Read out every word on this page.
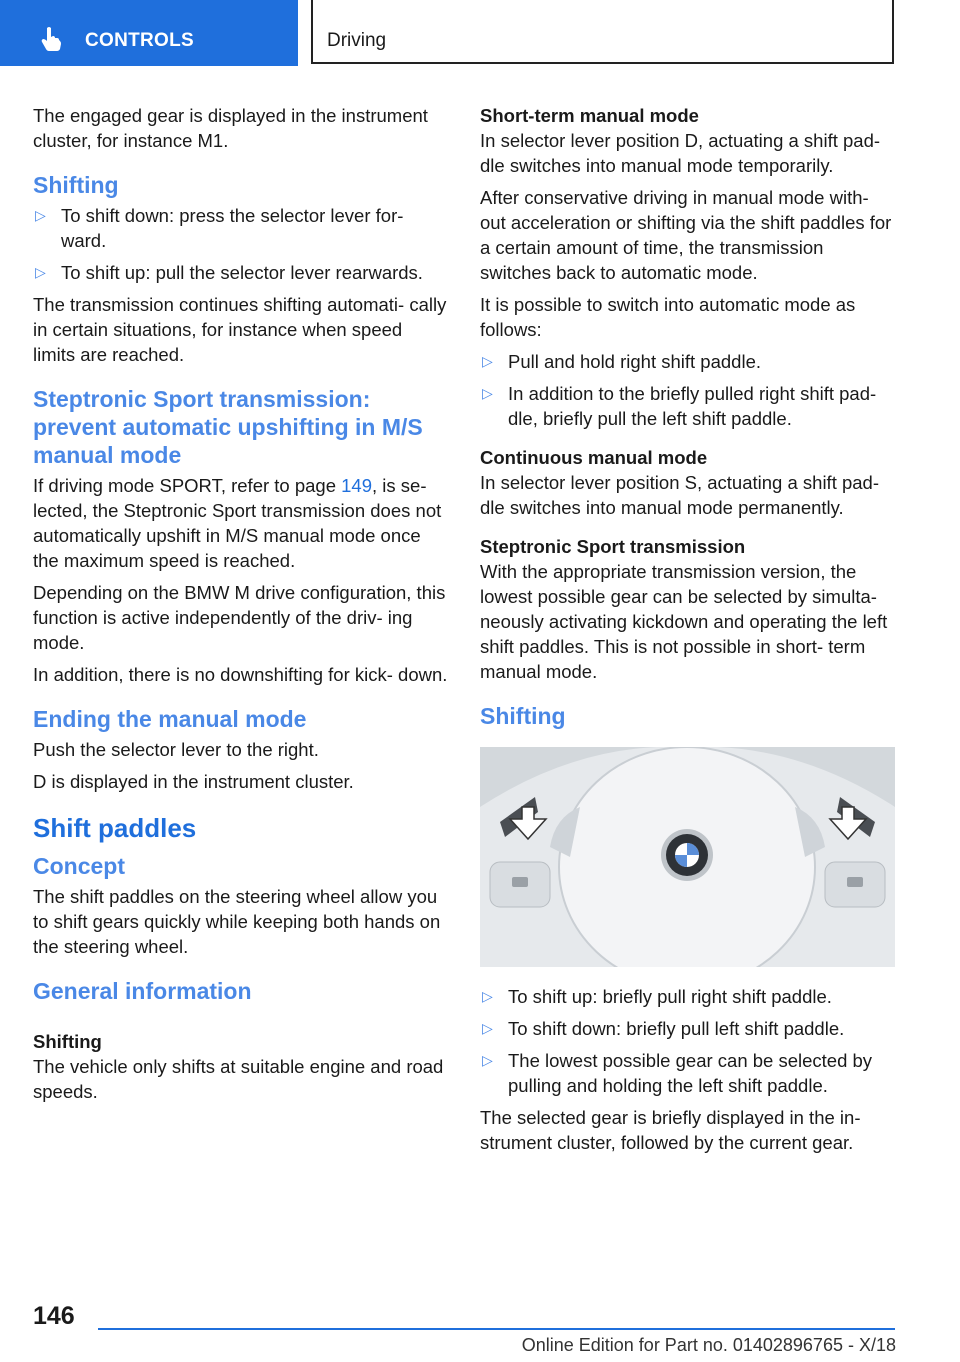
CONTROLS	Driving

The engaged gear is displayed in the instrument cluster, for instance M1.

Shifting
▷ To shift down: press the selector lever for- ward.
▷ To shift up: pull the selector lever rearwards.

The transmission continues shifting automati- cally in certain situations, for instance when speed limits are reached.

Steptronic Sport transmission: prevent automatic upshifting in M/S manual mode

If driving mode SPORT, refer to page 149, is se- lected, the Steptronic Sport transmission does not automatically upshift in M/S manual mode once the maximum speed is reached.

Depending on the BMW M drive configuration, this function is active independently of the driv- ing mode.

In addition, there is no downshifting for kick- down.

Ending the manual mode

Push the selector lever to the right.

D is displayed in the instrument cluster.

Shift paddles
Concept

The shift paddles on the steering wheel allow you to shift gears quickly while keeping both hands on the steering wheel.

General information
Shifting

The vehicle only shifts at suitable engine and road speeds.

Short-term manual mode

In selector lever position D, actuating a shift pad- dle switches into manual mode temporarily.

After conservative driving in manual mode with- out acceleration or shifting via the shift paddles for a certain amount of time, the transmission switches back to automatic mode.

It is possible to switch into automatic mode as follows:

▷ Pull and hold right shift paddle.
▷ In addition to the briefly pulled right shift pad- dle, briefly pull the left shift paddle.
Continuous manual mode

In selector lever position S, actuating a shift pad- dle switches into manual mode permanently.

Steptronic Sport transmission

With the appropriate transmission version, the lowest possible gear can be selected by simulta- neously activating kickdown and operating the left shift paddles. This is not possible in short- term manual mode.

Shifting
▷ To shift up: briefly pull right shift paddle.
▷ To shift down: briefly pull left shift paddle.
▷ The lowest possible gear can be selected by pulling and holding the left shift paddle.

The selected gear is briefly displayed in the in- strument cluster, followed by the current gear.

146
Online Edition for Part no. 01402896765 - X/18
